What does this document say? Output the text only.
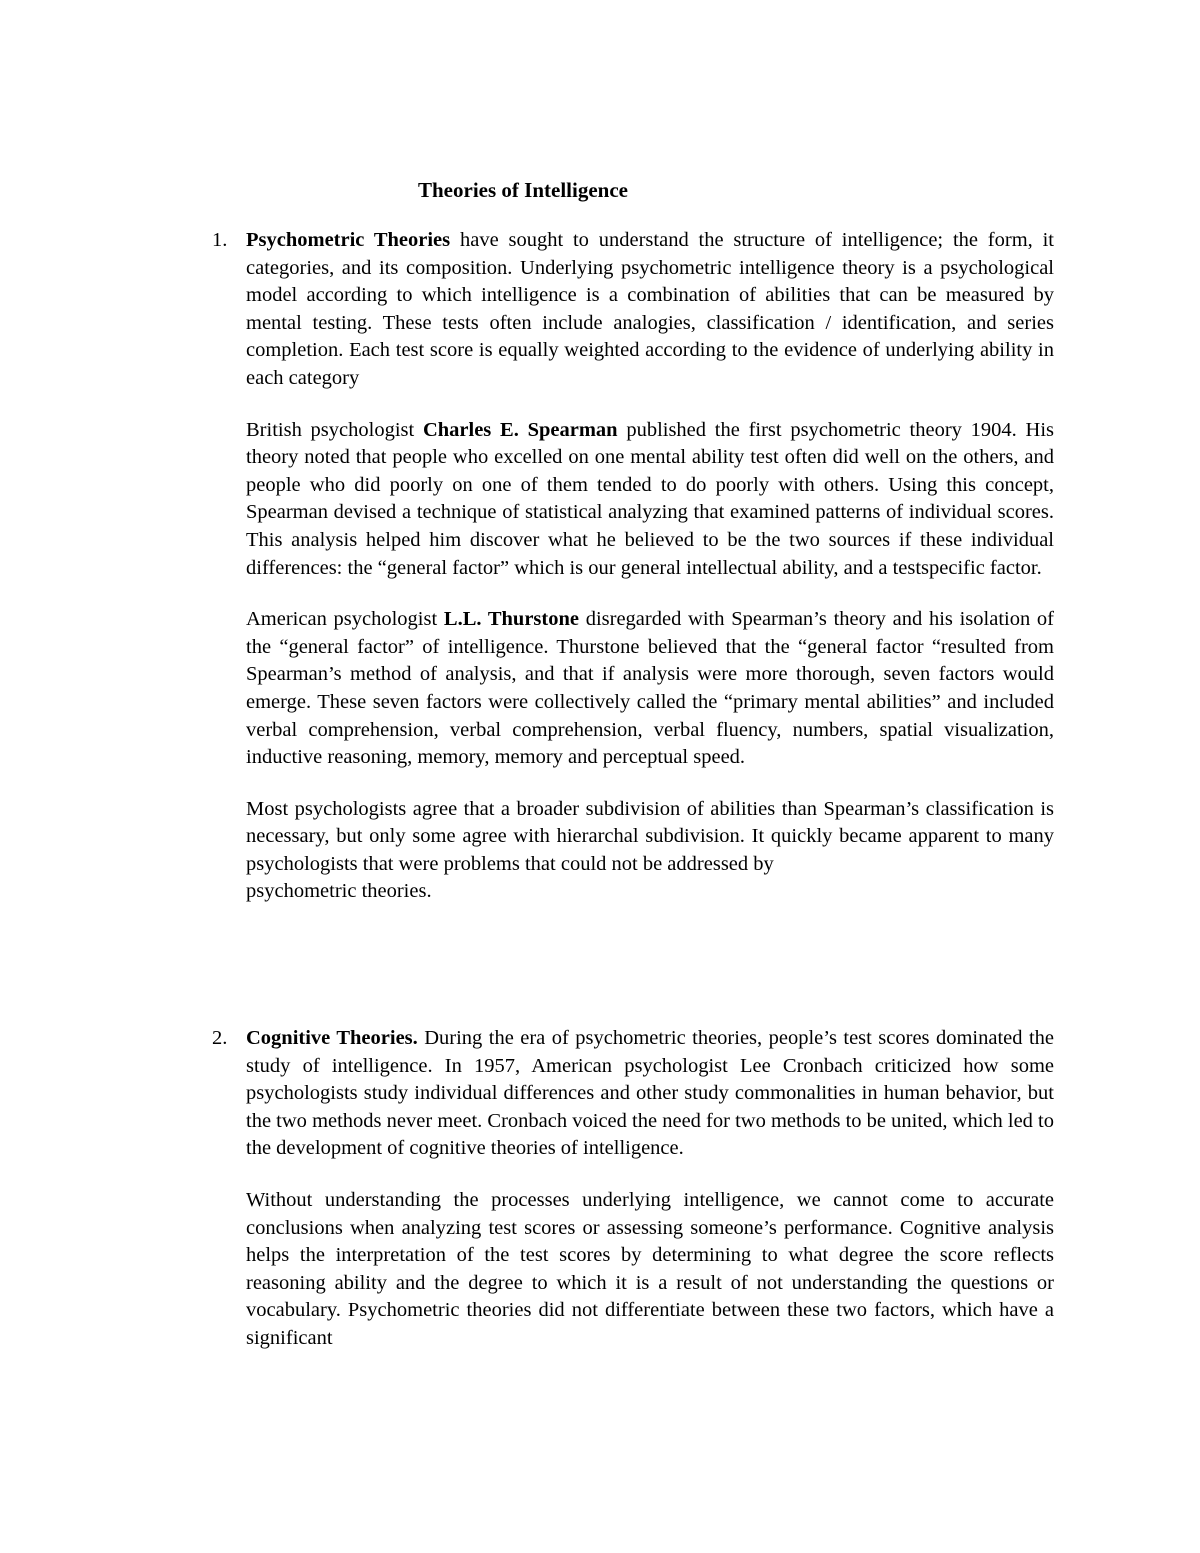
Theories of Intelligence
1. Psychometric Theories have sought to understand the structure of intelligence; the form, it categories, and its composition. Underlying psychometric intelligence theory is a psychological model according to which intelligence is a combination of abilities that can be measured by mental testing. These tests often include analogies, classification / identification, and series completion. Each test score is equally weighted according to the evidence of underlying ability in each category

British psychologist Charles E. Spearman published the first psychometric theory 1904. His theory noted that people who excelled on one mental ability test often did well on the others, and people who did poorly on one of them tended to do poorly with others. Using this concept, Spearman devised a technique of statistical analyzing that examined patterns of individual scores. This analysis helped him discover what he believed to be the two sources if these individual differences: the “general factor” which is our general intellectual ability, and a testspecific factor.

American psychologist L.L. Thurstone disregarded with Spearman’s theory and his isolation of the “general factor” of intelligence. Thurstone believed that the “general factor “resulted from Spearman’s method of analysis, and that if analysis were more thorough, seven factors would emerge. These seven factors were collectively called the “primary mental abilities” and included verbal comprehension, verbal comprehension, verbal fluency, numbers, spatial visualization, inductive reasoning, memory, memory and perceptual speed.

Most psychologists agree that a broader subdivision of abilities than Spearman’s classification is necessary, but only some agree with hierarchal subdivision. It quickly became apparent to many psychologists that were problems that could not be addressed by
psychometric theories.

2. Cognitive Theories. During the era of psychometric theories, people’s test scores dominated the study of intelligence. In 1957, American psychologist Lee Cronbach criticized how some psychologists study individual differences and other study commonalities in human behavior, but the two methods never meet. Cronbach voiced the need for two methods to be united, which led to the development of cognitive theories of intelligence.

Without understanding the processes underlying intelligence, we cannot come to accurate conclusions when analyzing test scores or assessing someone’s performance. Cognitive analysis helps the interpretation of the test scores by determining to what degree the score reflects reasoning ability and the degree to which it is a result of not understanding the questions or vocabulary. Psychometric theories did not differentiate between these two factors, which have a significant
